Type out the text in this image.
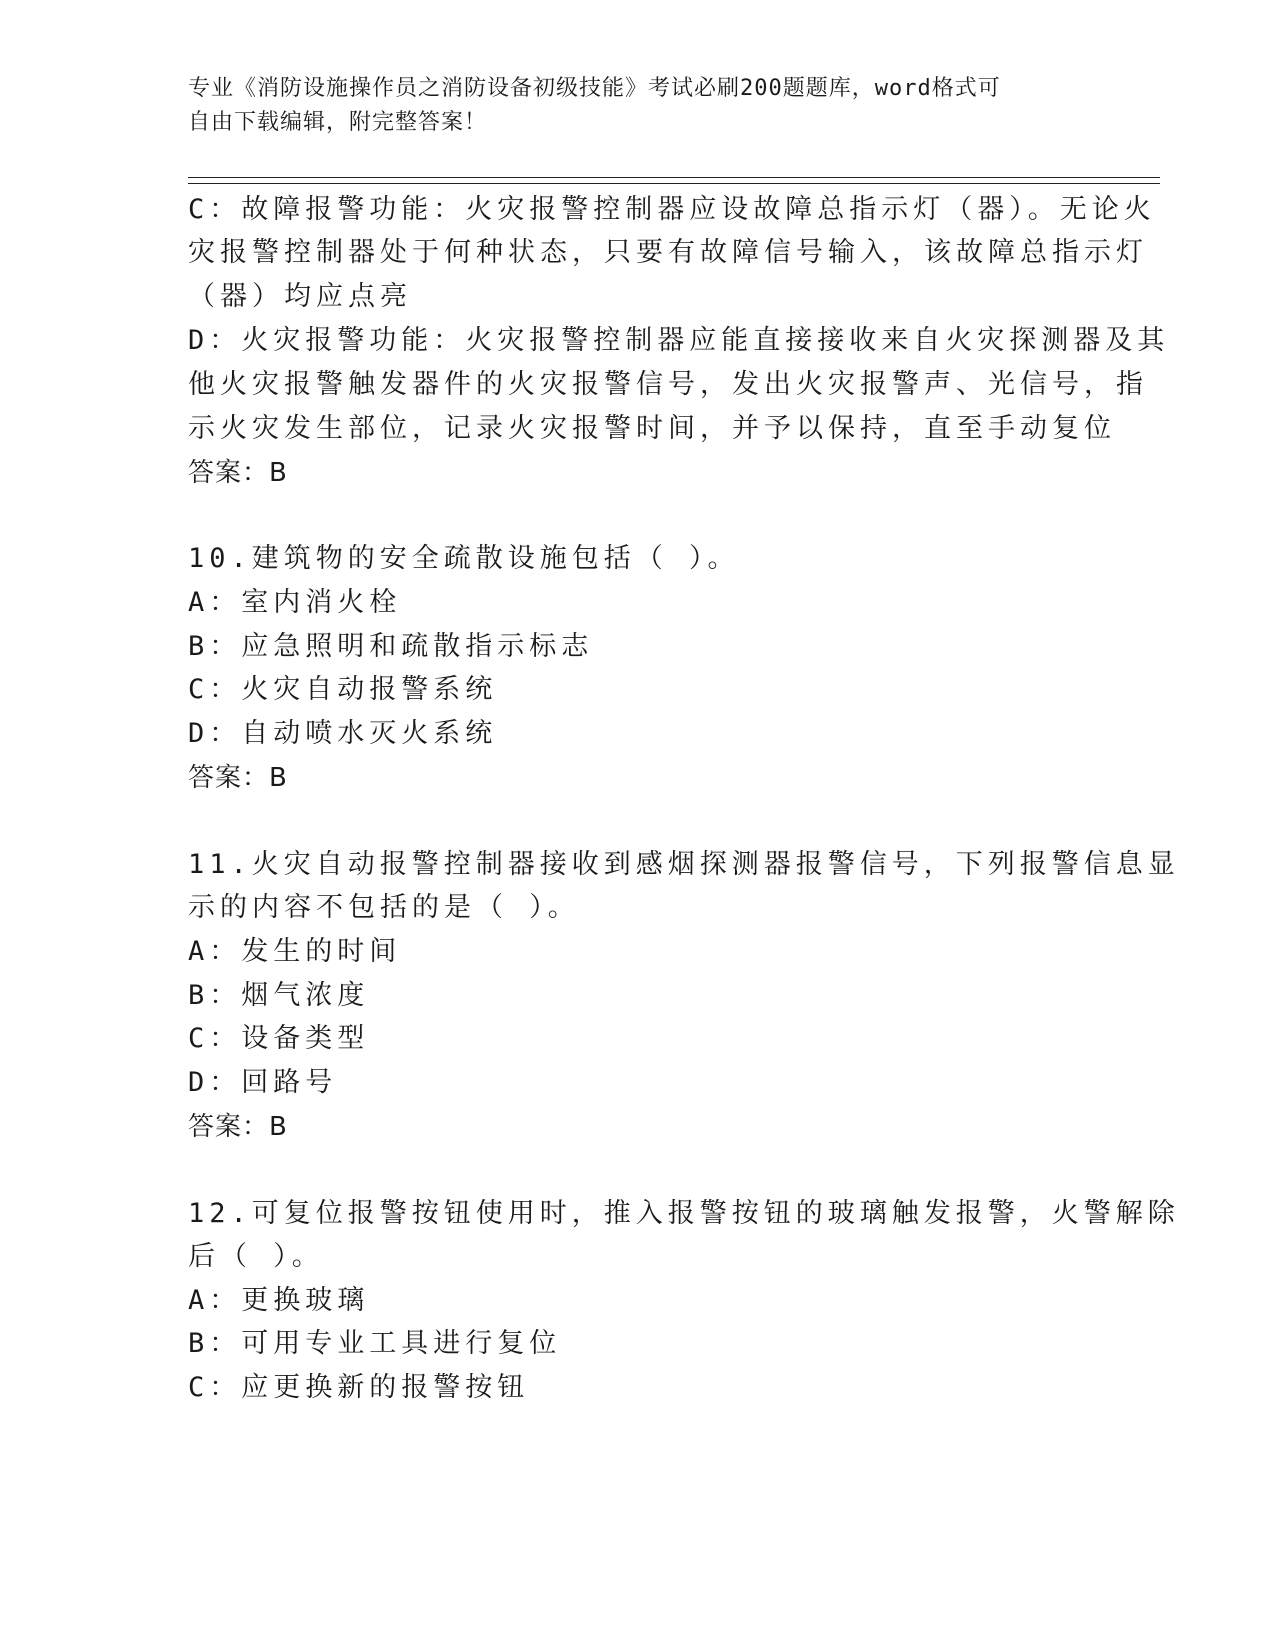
专业《消防设施操作员之消防设备初级技能》考试必刷200题题库，word格式可

自由下载编辑，附完整答案！

C：故障报警功能：火灾报警控制器应设故障总指示灯（器）。无论火
灾报警控制器处于何种状态，只要有故障信号输入，该故障总指示灯
（器）均应点亮
D：火灾报警功能：火灾报警控制器应能直接接收来自火灾探测器及其
他火灾报警触发器件的火灾报警信号，发出火灾报警声、光信号，指
示火灾发生部位，记录火灾报警时间，并予以保持，直至手动复位
答案：B
10.建筑物的安全疏散设施包括（ ）。
A：室内消火栓
B：应急照明和疏散指示标志
C：火灾自动报警系统
D：自动喷水灭火系统
答案：B
11.火灾自动报警控制器接收到感烟探测器报警信号，下列报警信息显
示的内容不包括的是（ ）。
A：发生的时间
B：烟气浓度
C：设备类型
D：回路号
答案：B
12.可复位报警按钮使用时，推入报警按钮的玻璃触发报警，火警解除
后（ ）。
A：更换玻璃
B：可用专业工具进行复位
C：应更换新的报警按钮
